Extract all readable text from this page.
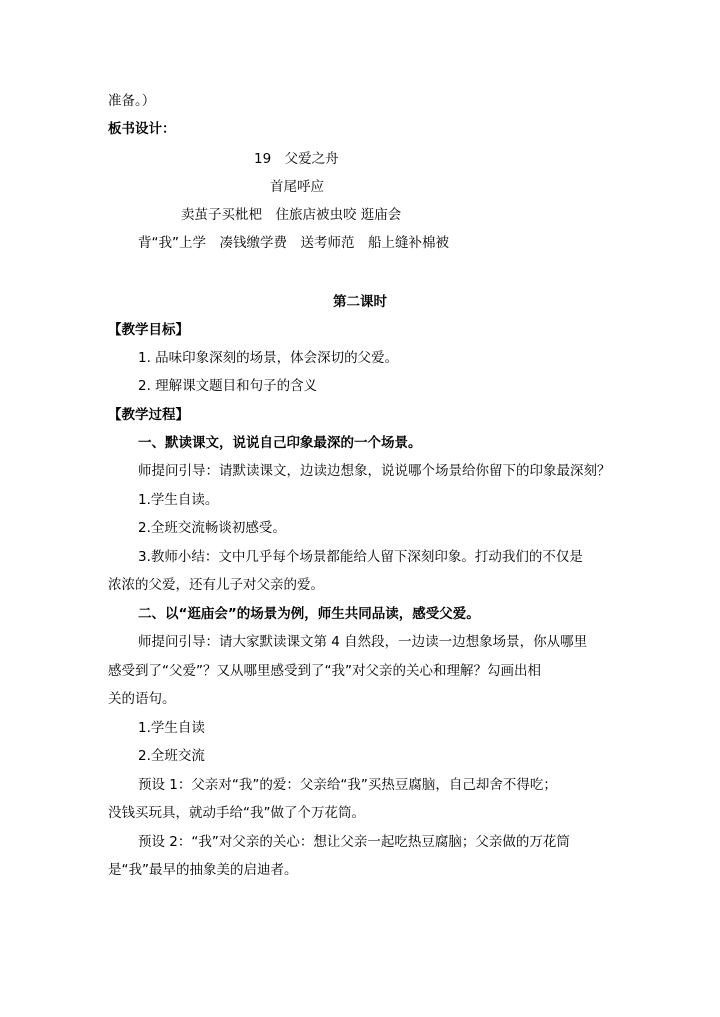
准备。）
板书设计：
19　父爱之舟
首尾呼应
卖茧子买枇杷　住旅店被虫咬 逛庙会
背“我”上学　凑钱缴学费　送考师范　船上缝补棉被
第二课时
【教学目标】
1. 品味印象深刻的场景，体会深切的父爱。
2. 理解课文题目和句子的含义
【教学过程】
一、默读课文，说说自己印象最深的一个场景。
师提问引导：请默读课文，边读边想象，说说哪个场景给你留下的印象最深刻？
1.学生自读。
2.全班交流畅谈初感受。
3.教师小结：文中几乎每个场景都能给人留下深刻印象。打动我们的不仅是
浓浓的父爱，还有儿子对父亲的爱。
二、以“逛庙会”的场景为例，师生共同品读，感受父爱。
师提问引导：请大家默读课文第 4 自然段，一边读一边想象场景，你从哪里
感受到了“父爱”？又从哪里感受到了“我”对父亲的关心和理解？勾画出相
关的语句。
1.学生自读
2.全班交流
预设 1：父亲对“我”的爱：父亲给“我”买热豆腐脑，自己却舍不得吃；
没钱买玩具，就动手给“我”做了个万花筒。
预设 2：“我”对父亲的关心：想让父亲一起吃热豆腐脑；父亲做的万花筒
是“我”最早的抽象美的启迪者。
